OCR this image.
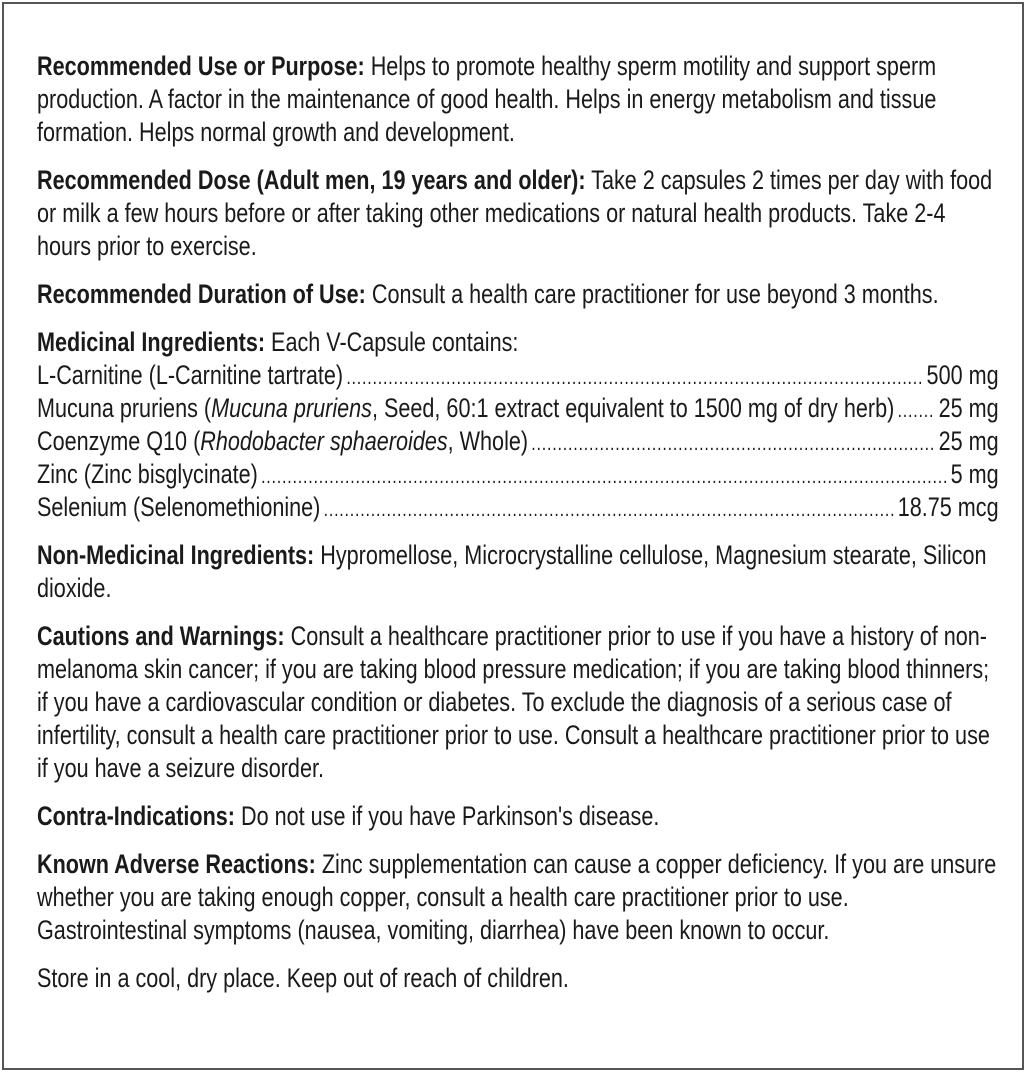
Recommended Use or Purpose: Helps to promote healthy sperm motility and support sperm production. A factor in the maintenance of good health. Helps in energy metabolism and tissue formation. Helps normal growth and development.

Recommended Dose (Adult men, 19 years and older): Take 2 capsules 2 times per day with food or milk a few hours before or after taking other medications or natural health products. Take 2-4 hours prior to exercise.

Recommended Duration of Use: Consult a health care practitioner for use beyond 3 months.

Medicinal Ingredients: Each V-Capsule contains:
L-Carnitine (L-Carnitine tartrate) .....	500 mg
Mucuna pruriens (Mucuna pruriens, Seed, 60:1 extract equivalent to 1500 mg of dry herb) ..... 25 mg
Coenzyme Q10 (Rhodobacter sphaeroides, Whole) .....	25 mg
Zinc (Zinc bisglycinate) .....	5 mg
Selenium (Selenomethionine) .....	18.75 mcg

Non-Medicinal Ingredients: Hypromellose, Microcrystalline cellulose, Magnesium stearate, Silicon dioxide.

Cautions and Warnings: Consult a healthcare practitioner prior to use if you have a history of non-melanoma skin cancer; if you are taking blood pressure medication; if you are taking blood thinners; if you have a cardiovascular condition or diabetes. To exclude the diagnosis of a serious case of infertility, consult a health care practitioner prior to use. Consult a healthcare practitioner prior to use if you have a seizure disorder.

Contra-Indications: Do not use if you have Parkinson's disease.

Known Adverse Reactions: Zinc supplementation can cause a copper deficiency. If you are unsure whether you are taking enough copper, consult a health care practitioner prior to use. Gastrointestinal symptoms (nausea, vomiting, diarrhea) have been known to occur.

Store in a cool, dry place. Keep out of reach of children.
